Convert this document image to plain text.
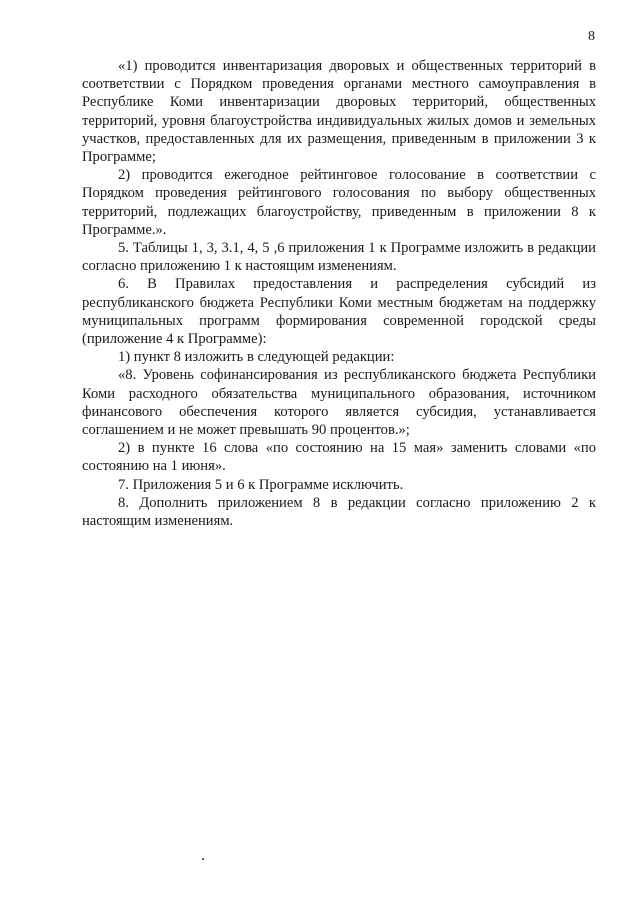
8

«1) проводится инвентаризация дворовых и общественных территорий в соответствии с Порядком проведения органами местного самоуправления в Республике Коми инвентаризации дворовых территорий, общественных территорий, уровня благоустройства индивидуальных жилых домов и земельных участков, предоставленных для их размещения, приведенным в приложении 3 к Программе;

2) проводится ежегодное рейтинговое голосование в соответствии с Порядком проведения рейтингового голосования по выбору общественных территорий, подлежащих благоустройству, приведенным в приложении 8 к Программе.».

5. Таблицы 1, 3, 3.1, 4, 5 ,6 приложения 1 к Программе изложить в редакции согласно приложению 1 к настоящим изменениям.

6. В Правилах предоставления и распределения субсидий из республиканского бюджета Республики Коми местным бюджетам на поддержку муниципальных программ формирования современной городской среды (приложение 4 к Программе):

1) пункт 8 изложить в следующей редакции:

«8. Уровень софинансирования из республиканского бюджета Республики Коми расходного обязательства муниципального образования, источником финансового обеспечения которого является субсидия, устанавливается соглашением и не может превышать 90 процентов.»;

2) в пункте 16 слова «по состоянию на 15 мая» заменить словами «по состоянию на 1 июня».

7. Приложения 5 и 6 к Программе исключить.

8. Дополнить приложением 8 в редакции согласно приложению 2 к настоящим изменениям.
